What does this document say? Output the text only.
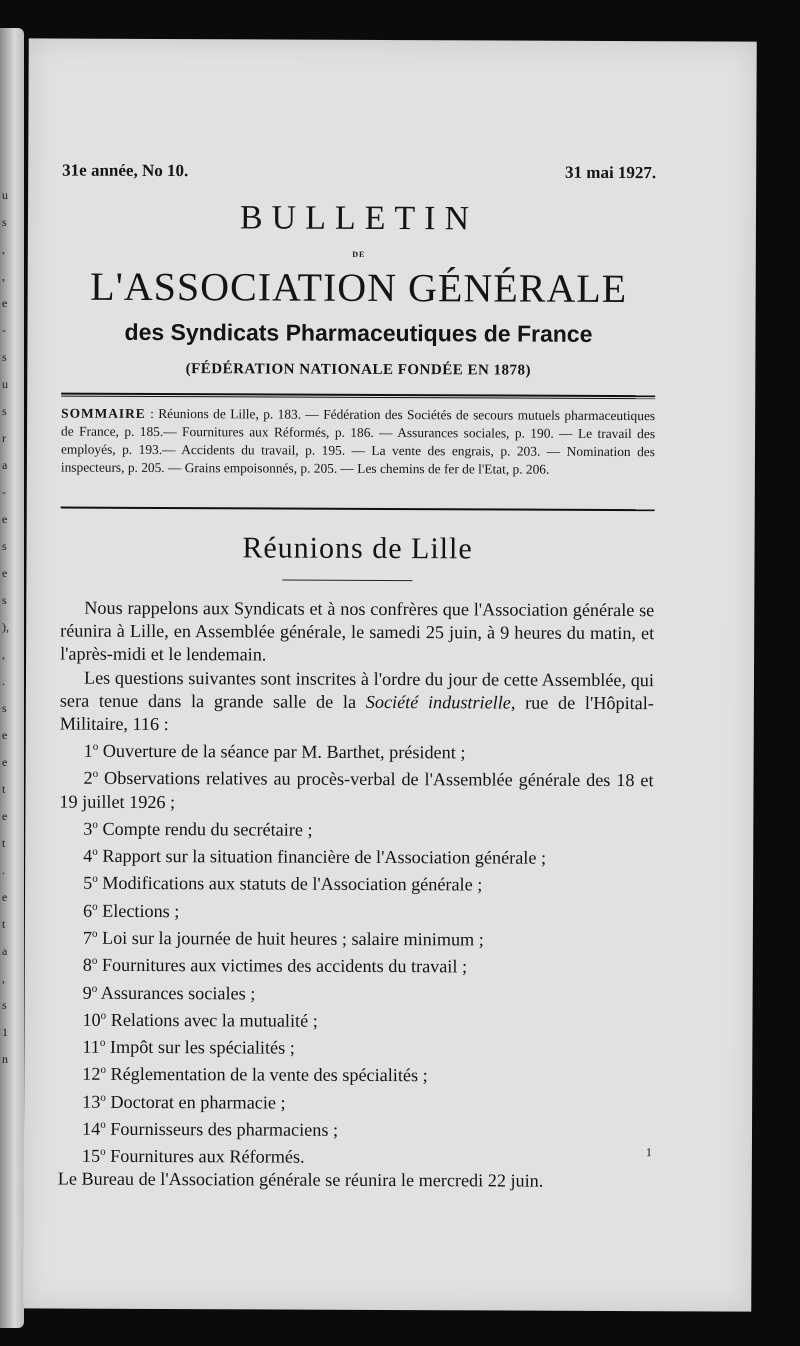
u
s
,
,
e
-
s
u
s
r
a
-
e
s
e
s
),
,
.
s
e
e
t
e
t
.
e
t
a
,
s
1
n
31e année, No 10.	31 mai 1927.
BULLETIN
DE
L'ASSOCIATION GÉNÉRALE
des Syndicats Pharmaceutiques de France
(FÉDÉRATION NATIONALE FONDÉE EN 1878)
SOMMAIRE : Réunions de Lille, p. 183. — Fédération des Sociétés de secours mutuels pharmaceutiques de France, p. 185.— Fournitures aux Réformés, p. 186. — Assurances sociales, p. 190. — Le travail des employés, p. 193.— Accidents du travail, p. 195. — La vente des engrais, p. 203. — Nomination des inspecteurs, p. 205. — Grains empoisonnés, p. 205. — Les chemins de fer de l'Etat, p. 206.
Réunions de Lille

Nous rappelons aux Syndicats et à nos confrères que l'Association générale se réunira à Lille, en Assemblée générale, le samedi 25 juin, à 9 heures du matin, et l'après-midi et le lendemain.

Les questions suivantes sont inscrites à l'ordre du jour de cette Assemblée, qui sera tenue dans la grande salle de la Société industrielle, rue de l'Hôpital-Militaire, 116 :

1$^o$ Ouverture de la séance par M. Barthet, président ;
2$^o$ Observations relatives au procès-verbal de l'Assemblée générale des 18 et 19 juillet 1926 ;
3$^o$ Compte rendu du secrétaire ;
4$^o$ Rapport sur la situation financière de l'Association générale ;
5$^o$ Modifications aux statuts de l'Association générale ;
6$^o$ Elections ;
7$^o$ Loi sur la journée de huit heures ; salaire minimum ;
8$^o$ Fournitures aux victimes des accidents du travail ;
9$^o$ Assurances sociales ;
10$^o$ Relations avec la mutualité ;
11$^o$ Impôt sur les spécialités ;
12$^o$ Réglementation de la vente des spécialités ;
13$^o$ Doctorat en pharmacie ;
14$^o$ Fournisseurs des pharmaciens ;
15$^o$ Fournitures aux Réformés.

Le Bureau de l'Association générale se réunira le mercredi 22 juin.

1
